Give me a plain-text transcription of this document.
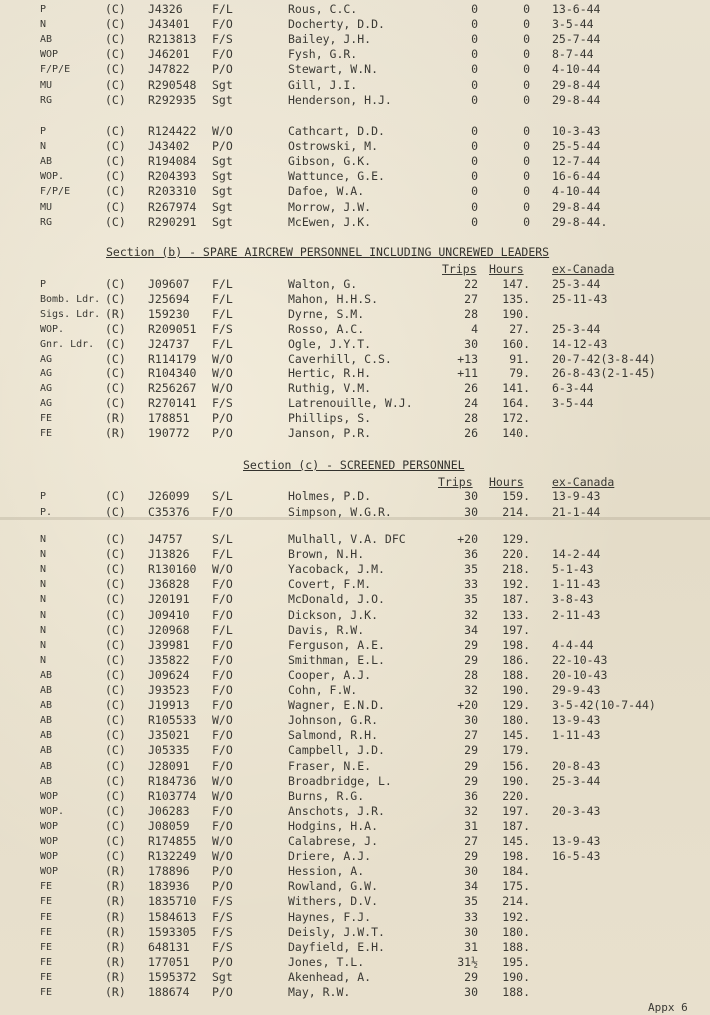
P	(C)	J4326	F/L	Rous, C.C.	0	0 13-6-44
N	(C)	J43401	F/O	Docherty, D.D.	0	0 3-5-44
AB	(C)	R213813	F/S	Bailey, J.H.	0	0 25-7-44
WOP	(C)	J46201	F/O	Fysh, G.R.	0	0 8-7-44
F/P/E	(C)	J47822	P/O	Stewart, W.N.	0	0 4-10-44
MU	(C)	R290548	Sgt	Gill, J.I.	0	0 29-8-44
RG	(C)	R292935	Sgt	Henderson, H.J.	0	0 29-8-44
P	(C)	R124422	W/O	Cathcart, D.D.	0	0 10-3-43
N	(C)	J43402	P/O	Ostrowski, M.	0	0 25-5-44
AB	(C)	R194084	Sgt	Gibson, G.K.	0	0 12-7-44
WOP.	(C)	R204393	Sgt	Wattunce, G.E.	0	0 16-6-44
F/P/E	(C)	R203310	Sgt	Dafoe, W.A.	0	0 4-10-44
MU	(C)	R267974	Sgt	Morrow, J.W.	0	0 29-8-44
RG	(C)	R290291	Sgt	McEwen, J.K.	0	0 29-8-44.
Section (b) - SPARE AIRCREW PERSONNEL INCLUDING UNCREWED LEADERS
Trips Hours ex-Canada
P	(C)	J09607	F/L	Walton, G.	22	147. 25-3-44
Bomb. Ldr. (C)	J25694	F/L	Mahon, H.H.S.	27	135. 25-11-43
Sigs. Ldr. (R)	159230	F/L	Dyrne, S.M.	28	190.
WOP.	(C)	R209051	F/S	Rosso, A.C.	4	27. 25-3-44
Gnr. Ldr. (C)	J24737	F/L	Ogle, J.Y.T.	30	160. 14-12-43
AG	(C)	R114179	W/O	Caverhill, C.S.	+13	91. 20-7-42(3-8-44)
AG	(C)	R104340	W/O	Hertic, R.H.	+11	79. 26-8-43(2-1-45)
AG	(C)	R256267	W/O	Ruthig, V.M.	26	141. 6-3-44
AG	(C)	R270141	F/S	Latrenouille, W.J.	24	164. 3-5-44
FE	(R)	178851	P/O	Phillips, S.	28	172.
FE	(R)	190772	P/O	Janson, P.R.	26	140.
Section (c) - SCREENED PERSONNEL
Trips Hours ex-Canada
P	(C)	J26099	S/L	Holmes, P.D.	30	159. 13-9-43
P.	(C)	C35376	F/O	Simpson, W.G.R.	30	214. 21-1-44
N	(C)	J4757	S/L	Mulhall, V.A. DFC	+20	129.
N	(C)	J13826	F/L	Brown, N.H.	36	220. 14-2-44
N	(C)	R130160	W/O	Yacoback, J.M.	35	218. 5-1-43
N	(C)	J36828	F/O	Covert, F.M.	33	192. 1-11-43
N	(C)	J20191	F/O	McDonald, J.O.	35	187. 3-8-43
N	(C)	J09410	F/O	Dickson, J.K.	32	133. 2-11-43
N	(C)	J20968	F/L	Davis, R.W.	34	197.
N	(C)	J39981	F/O	Ferguson, A.E.	29	198. 4-4-44
N	(C)	J35822	F/O	Smithman, E.L.	29	186. 22-10-43
AB	(C)	J09624	F/O	Cooper, A.J.	28	188. 20-10-43
AB	(C)	J93523	F/O	Cohn, F.W.	32	190. 29-9-43
AB	(C)	J19913	F/O	Wagner, E.N.D.	+20	129. 3-5-42(10-7-44)
AB	(C)	R105533	W/O	Johnson, G.R.	30	180. 13-9-43
AB	(C)	J35021	F/O	Salmond, R.H.	27	145. 1-11-43
AB	(C)	J05335	F/O	Campbell, J.D.	29	179.
AB	(C)	J28091	F/O	Fraser, N.E.	29	156. 20-8-43
AB	(C)	R184736	W/O	Broadbridge, L.	29	190. 25-3-44
WOP	(C)	R103774	W/O	Burns, R.G.	36	220.
WOP.	(C)	J06283	F/O	Anschots, J.R.	32	197. 20-3-43
WOP	(C)	J08059	F/O	Hodgins, H.A.	31	187.
WOP	(C)	R174855	W/O	Calabrese, J.	27	145. 13-9-43
WOP	(C)	R132249	W/O	Driere, A.J.	29	198. 16-5-43
WOP	(R)	178896	P/O	Hession, A.	30	184.
FE	(R)	183936	P/O	Rowland, G.W.	34	175.
FE	(R)	1835710	F/S	Withers, D.V.	35	214.
FE	(R)	1584613	F/S	Haynes, F.J.	33	192.
FE	(R)	1593305	F/S	Deisly, J.W.T.	30	180.
FE	(R)	648131	F/S	Dayfield, E.H.	31	188.
FE	(R)	177051	P/O	Jones, T.L.	31½	195.
FE	(R)	1595372	Sgt	Akenhead, A.	29	190.
FE	(R)	188674	P/O	May, R.W.	30	188.
Appx 6
